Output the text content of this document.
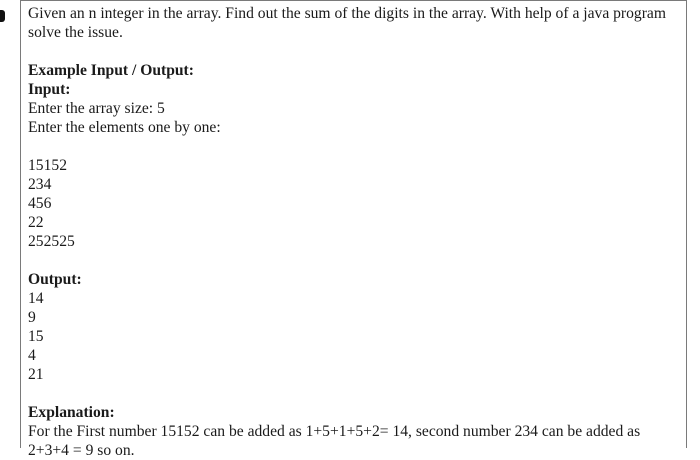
Given an n integer in the array. Find out the sum of the digits in the array. With help of a java program solve the issue.
Example Input / Output:
Input:
Enter the array size: 5
Enter the elements one by one:
15152
234
456
22
252525
Output:
14
9
15
4
21
Explanation:
For the First number 15152 can be added as 1+5+1+5+2= 14, second number 234 can be added as
2+3+4 = 9 so on.
